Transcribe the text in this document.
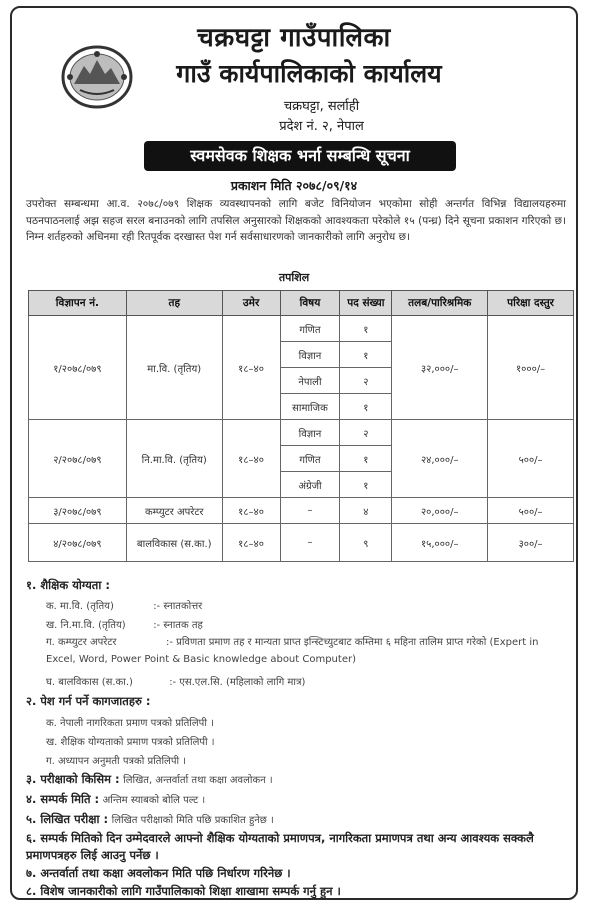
चक्रघट्टा गाउँपालिका
गाउँ कार्यपालिकाको कार्यालय
चक्रघट्टा, सर्लाही
प्रदेश नं. २, नेपाल
स्वमसेवक शिक्षक भर्ना सम्बन्धि सूचना
प्रकाशन मिति २०७८/०९/१४
उपरोक्त सम्बन्धमा आ.व. २०७८/०७९ शिक्षक व्यवस्थापनको लागि बजेट विनियोजन भएकोमा सोही अन्तर्गत विभिन्न विद्यालयहरुमा पठनपाठनलाई अझ सहज सरल बनाउनको लागि तपसिल अनुसारको शिक्षकको आवश्यकता परेकोले १५ (पन्ध्र) दिने सूचना प्रकाशन गरिएको छ। निम्न शर्तहरुको अधिनमा रही रितपूर्वक दरखास्त पेश गर्न सर्वसाधारणको जानकारीको लागि अनुरोध छ।
तपशिल
विज्ञापन नं.	तह	उमेर	विषय	पद संख्या	तलब/पारिश्रमिक	परिक्षा दस्तुर
१/२०७८/०७९	मा.वि. (तृतिय)	१८–४०	गणित	१	३२,०००/–	१०००/–
			विज्ञान	१		
			नेपाली	२		
			सामाजिक	१		
२/२०७८/०७९	नि.मा.वि. (तृतिय)	१८–४०	विज्ञान	२	२४,०००/–	५००/–
			गणित	१		
			अंग्रेजी	१		
३/२०७८/०७९	कम्प्युटर अपरेटर	१८–४०	–	४	२०,०००/–	५००/–
४/२०७८/०७९	बालविकास (स.का.)	१८–४०	–	९	१५,०००/–	३००/–
१. शैक्षिक योग्यता :
क. मा.वि. (तृतिय)	:- स्नातकोत्तर
ख. नि.मा.वि. (तृतिय)	:- स्नातक तह
ग. कम्प्युटर अपरेटर	:- प्रविणता प्रमाण तह र मान्यता प्राप्त इन्स्टिच्युटबाट कम्तिमा ६ महिना तालिम प्राप्त गरेको (Expert in Excel, Word, Power Point & Basic knowledge about Computer)
घ. बालविकास (स.का.)	:- एस.एल.सि. (महिलाको लागि मात्र)
२. पेश गर्न पर्ने कागजातहरु :
क. नेपाली नागरिकता प्रमाण पत्रको प्रतिलिपी ।
ख. शैक्षिक योग्यताको प्रमाण पत्रको प्रतिलिपी ।
ग. अध्यापन अनुमती पत्रको प्रतिलिपी ।
३. परीक्षाको किसिम : लिखित, अन्तर्वार्ता तथा कक्षा अवलोकन ।
४. सम्पर्क मिति : अन्तिम स्याबको बोलि पल्ट ।
५. लिखित परीक्षा : लिखित परीक्षाको मिति पछि प्रकाशित हुनेछ ।
६. सम्पर्क मितिको दिन उम्मेदवारले आफ्नो शैक्षिक योग्यताको प्रमाणपत्र, नागरिकता प्रमाणपत्र तथा अन्य आवश्यक सक्कलै प्रमाणपत्रहरु लिई आउनु पर्नेछ ।
७. अन्तर्वार्ता तथा कक्षा अवलोकन मिति पछि निर्धारण गरिनेछ ।
८. विशेष जानकारीको लागि गाउँपालिकाको शिक्षा शाखामा सम्पर्क गर्नु हुन ।
